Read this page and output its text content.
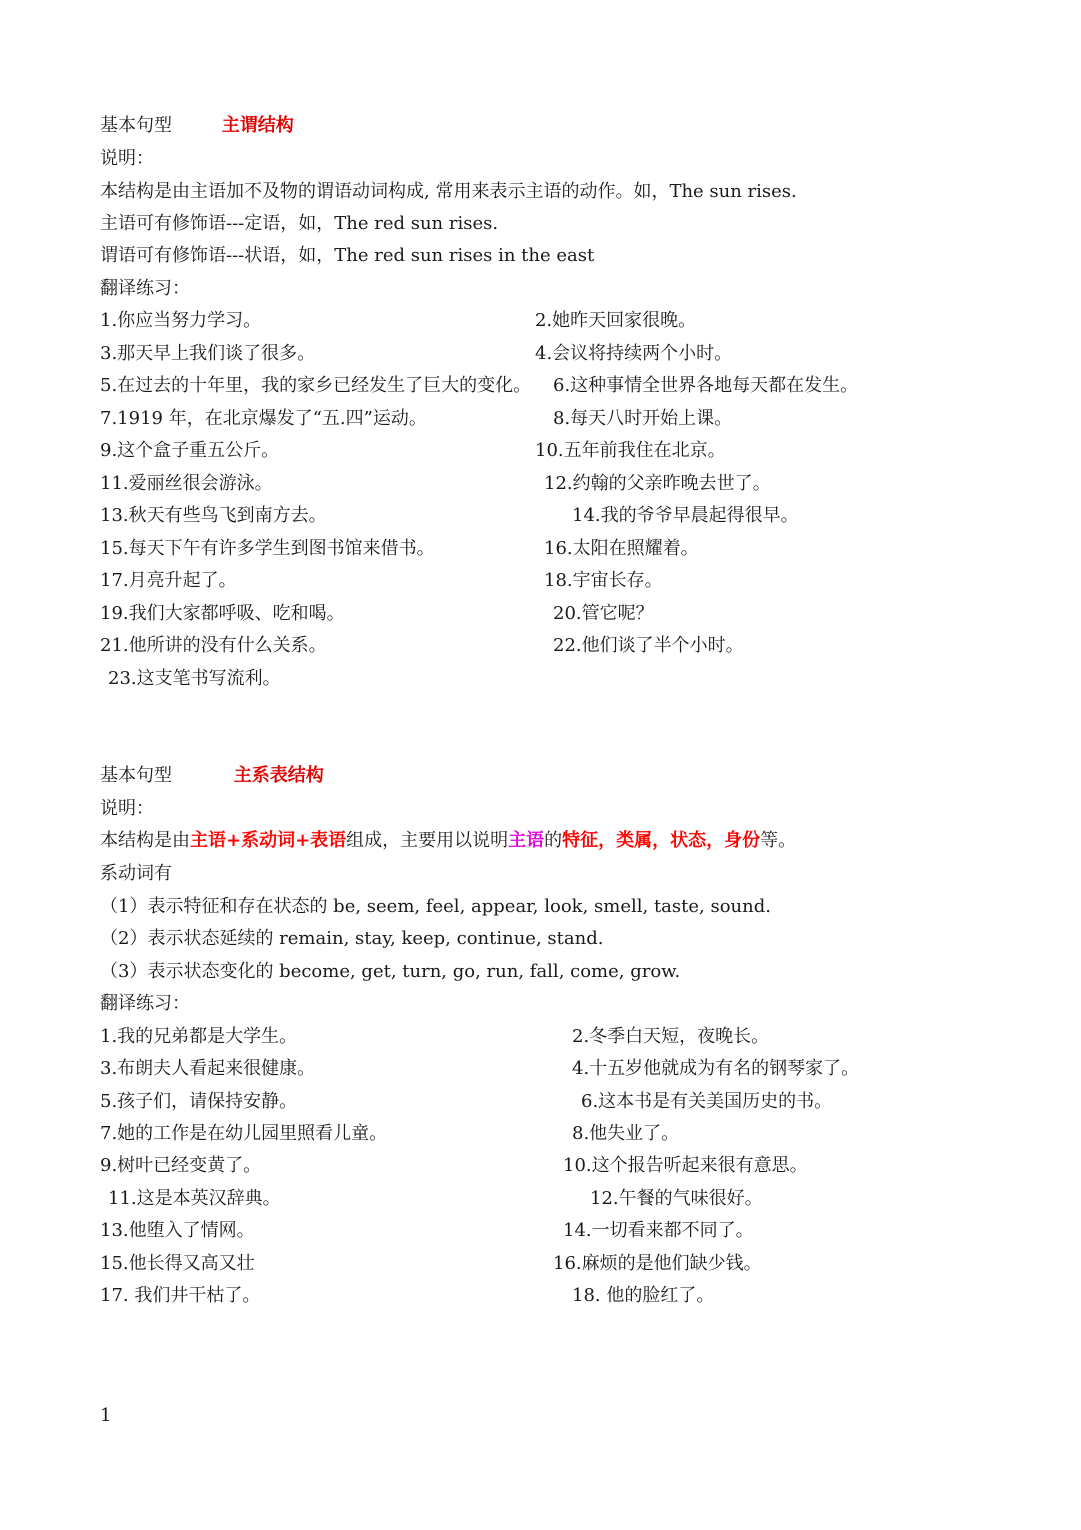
基本句型	主谓结构
说明：
本结构是由主语加不及物的谓语动词构成, 常用来表示主语的动作。如，The sun rises.
主语可有修饰语---定语，如，The red sun rises.
谓语可有修饰语---状语，如，The red sun rises in the east
翻译练习：
1.你应当努力学习。	2.她昨天回家很晚。
3.那天早上我们谈了很多。	4.会议将持续两个小时。
5.在过去的十年里，我的家乡已经发生了巨大的变化。 6.这种事情全世界各地每天都在发生。
7.1919 年，在北京爆发了“五.四”运动。	8.每天八时开始上课。
9.这个盒子重五公斤。	10.五年前我住在北京。
11.爱丽丝很会游泳。	12.约翰的父亲昨晚去世了。
13.秋天有些鸟飞到南方去。	14.我的爷爷早晨起得很早。
15.每天下午有许多学生到图书馆来借书。	16.太阳在照耀着。
17.月亮升起了。	18.宇宙长存。
19.我们大家都呼吸、吃和喝。	20.管它呢？
21.他所讲的没有什么关系。	22.他们谈了半个小时。
23.这支笔书写流利。
基本句型	主系表结构
说明：
本结构是由主语+系动词+表语组成，主要用以说明主语的特征，类属，状态，身份等。
系动词有
（1）表示特征和存在状态的 be, seem, feel, appear, look, smell, taste, sound.
（2）表示状态延续的 remain, stay, keep, continue, stand.
（3）表示状态变化的 become, get, turn, go, run, fall, come, grow.
翻译练习：
1.我的兄弟都是大学生。	2.冬季白天短，夜晚长。
3.布朗夫人看起来很健康。	4.十五岁他就成为有名的钢琴家了。
5.孩子们，请保持安静。	6.这本书是有关美国历史的书。
7.她的工作是在幼儿园里照看儿童。	8.他失业了。
9.树叶已经变黄了。	10.这个报告听起来很有意思。
11.这是本英汉辞典。	12.午餐的气味很好。
13.他堕入了情网。	14.一切看来都不同了。
15.他长得又高又壮	16.麻烦的是他们缺少钱。
17. 我们井干枯了。	18. 他的脸红了。
1
